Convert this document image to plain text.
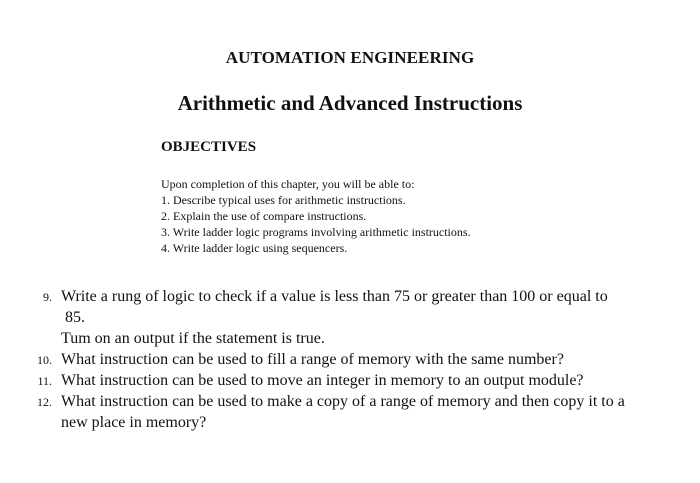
AUTOMATION ENGINEERING
Arithmetic and Advanced Instructions
OBJECTIVES
Upon completion of this chapter, you will be able to:
1. Describe typical uses for arithmetic instructions.
2. Explain the use of compare instructions.
3. Write ladder logic programs involving arithmetic instructions.
4. Write ladder logic using sequencers.
9. Write a rung of logic to check if a value is less than 75 or greater than 100 or equal to
85.
Tum on an output if the statement is true.
10. What instruction can be used to fill a range of memory with the same number?
11. What instruction can be used to move an integer in memory to an output module?
12. What instruction can be used to make a copy of a range of memory and then copy it to a
new place in memory?
